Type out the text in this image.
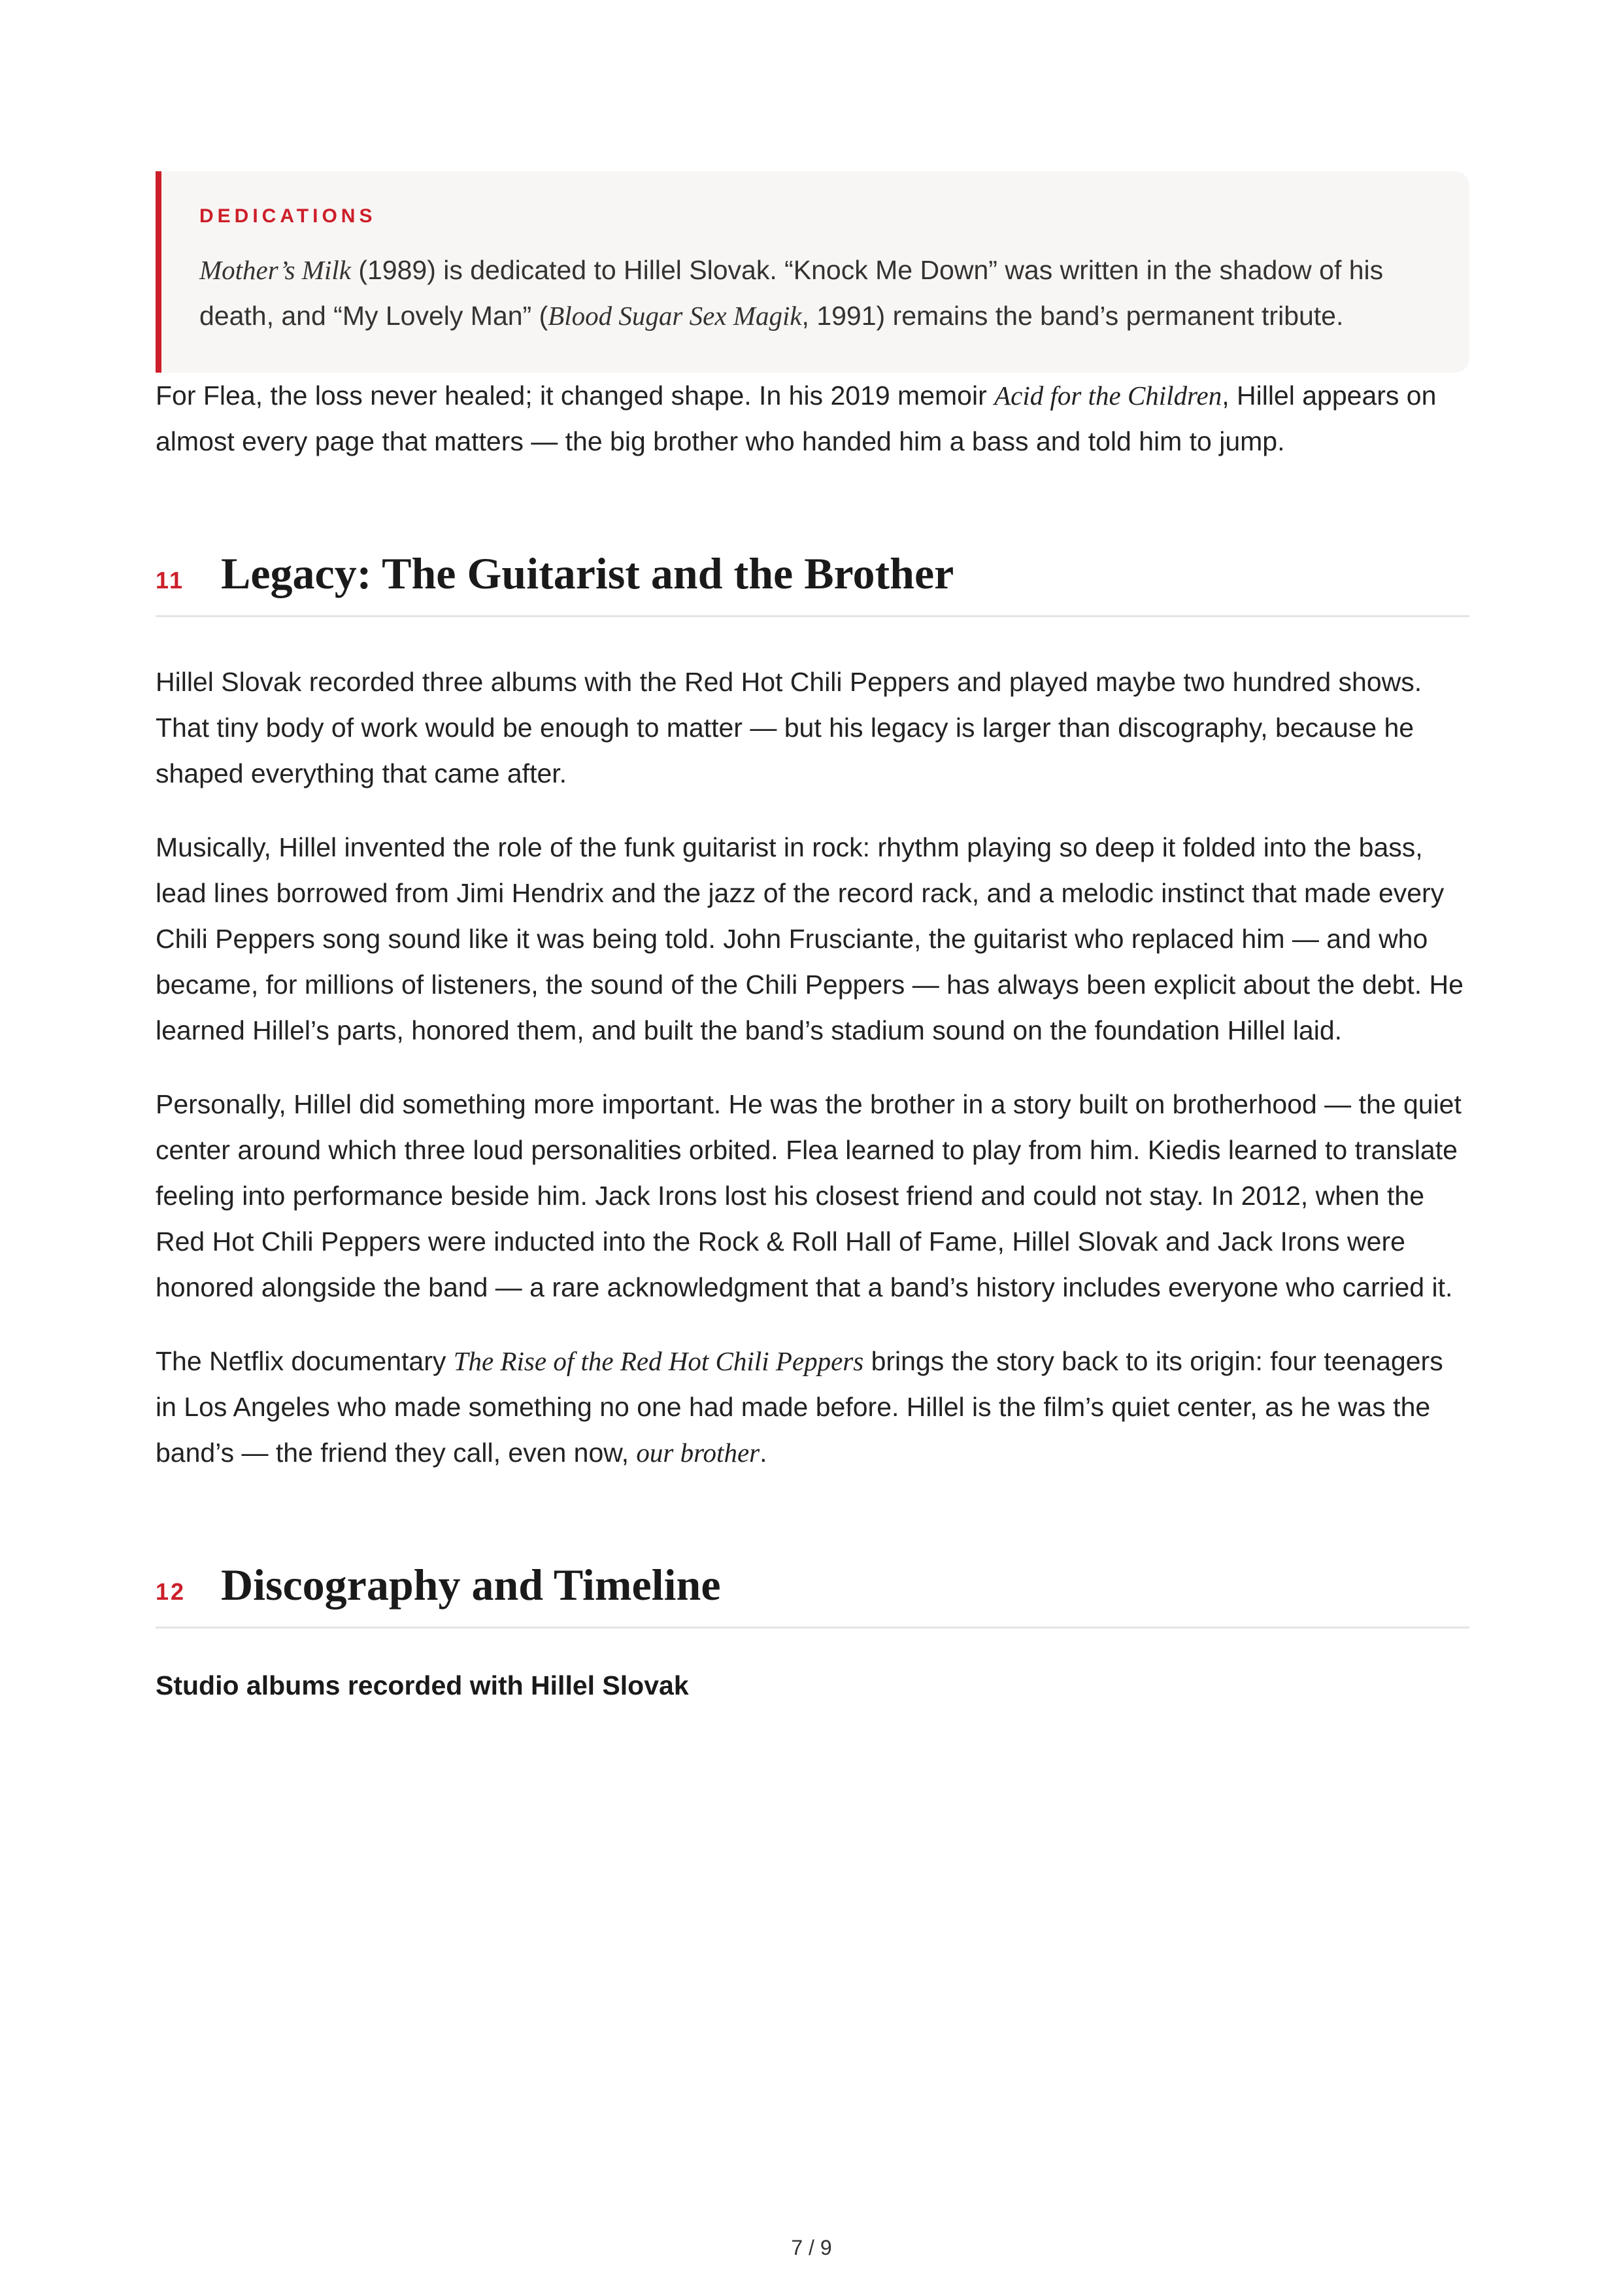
DEDICATIONS

Mother’s Milk (1989) is dedicated to Hillel Slovak. “Knock Me Down” was written in the shadow of his death, and “My Lovely Man” (Blood Sugar Sex Magik, 1991) remains the band’s permanent tribute.

For Flea, the loss never healed; it changed shape. In his 2019 memoir Acid for the Children, Hillel appears on almost every page that matters — the big brother who handed him a bass and told him to jump.

11 Legacy: The Guitarist and the Brother

Hillel Slovak recorded three albums with the Red Hot Chili Peppers and played maybe two hundred shows. That tiny body of work would be enough to matter — but his legacy is larger than discography, because he shaped everything that came after.

Musically, Hillel invented the role of the funk guitarist in rock: rhythm playing so deep it folded into the bass, lead lines borrowed from Jimi Hendrix and the jazz of the record rack, and a melodic instinct that made every Chili Peppers song sound like it was being told. John Frusciante, the guitarist who replaced him — and who became, for millions of listeners, the sound of the Chili Peppers — has always been explicit about the debt. He learned Hillel’s parts, honored them, and built the band’s stadium sound on the foundation Hillel laid.

Personally, Hillel did something more important. He was the brother in a story built on brotherhood — the quiet center around which three loud personalities orbited. Flea learned to play from him. Kiedis learned to translate feeling into performance beside him. Jack Irons lost his closest friend and could not stay. In 2012, when the Red Hot Chili Peppers were inducted into the Rock & Roll Hall of Fame, Hillel Slovak and Jack Irons were honored alongside the band — a rare acknowledgment that a band’s history includes everyone who carried it.

The Netflix documentary The Rise of the Red Hot Chili Peppers brings the story back to its origin: four teenagers in Los Angeles who made something no one had made before. Hillel is the film’s quiet center, as he was the band’s — the friend they call, even now, our brother.

12 Discography and Timeline
Studio albums recorded with Hillel Slovak
7 / 9
